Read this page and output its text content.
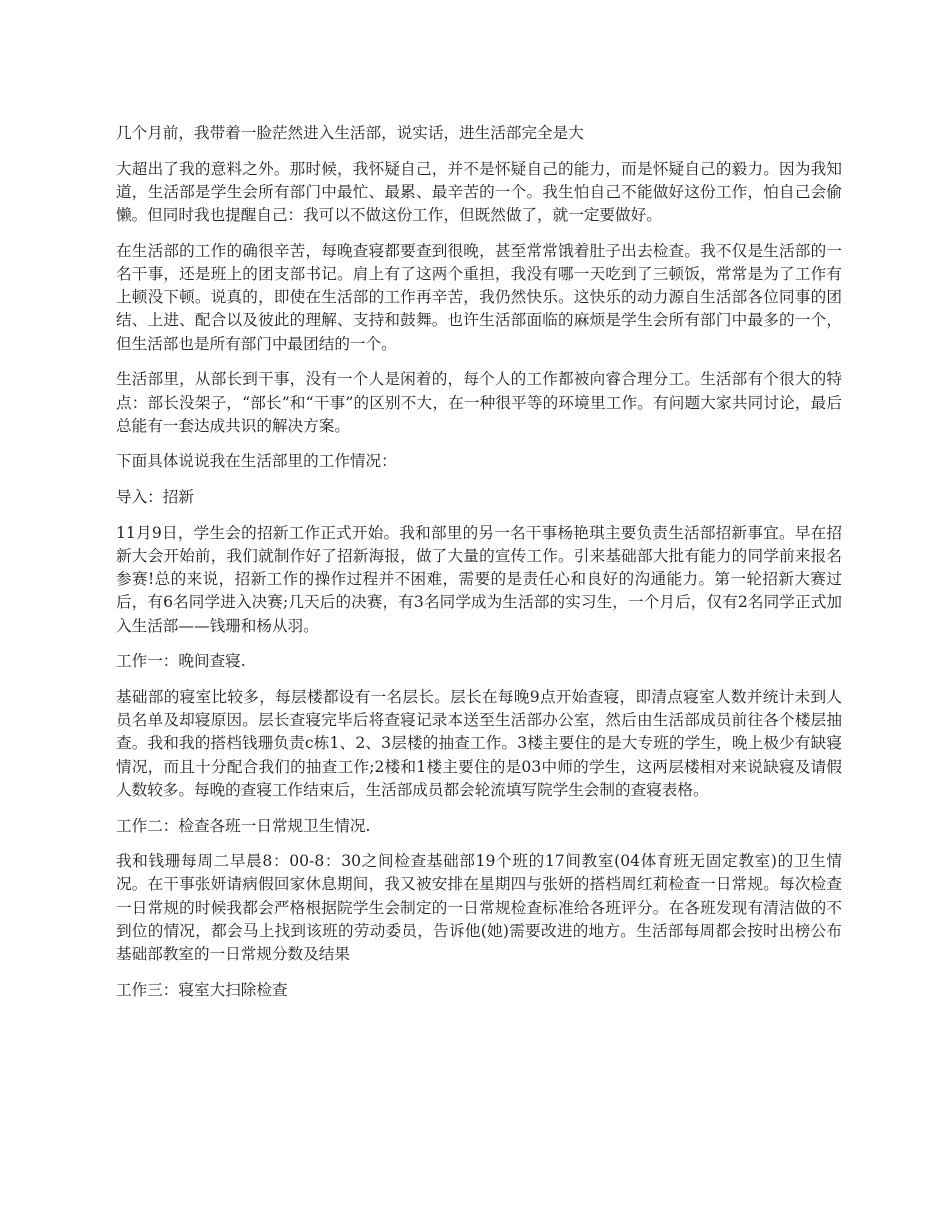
几个月前，我带着一脸茫然进入生活部，说实话，进生活部完全是大

大超出了我的意料之外。那时候，我怀疑自己，并不是怀疑自己的能力，而是怀疑自己的毅力。因为我知道，生活部是学生会所有部门中最忙、最累、最辛苦的一个。我生怕自己不能做好这份工作，怕自己会偷懒。但同时我也提醒自己：我可以不做这份工作，但既然做了，就一定要做好。

在生活部的工作的确很辛苦，每晚查寝都要查到很晚，甚至常常饿着肚子出去检查。我不仅是生活部的一名干事，还是班上的团支部书记。肩上有了这两个重担，我没有哪一天吃到了三顿饭，常常是为了工作有上顿没下顿。说真的，即使在生活部的工作再辛苦，我仍然快乐。这快乐的动力源自生活部各位同事的团结、上进、配合以及彼此的理解、支持和鼓舞。也许生活部面临的麻烦是学生会所有部门中最多的一个，但生活部也是所有部门中最团结的一个。

生活部里，从部长到干事，没有一个人是闲着的，每个人的工作都被向睿合理分工。生活部有个很大的特点：部长没架子，“部长”和“干事”的区别不大，在一种很平等的环境里工作。有问题大家共同讨论，最后总能有一套达成共识的解决方案。

下面具体说说我在生活部里的工作情况：

导入：招新

11月9日，学生会的招新工作正式开始。我和部里的另一名干事杨艳琪主要负责生活部招新事宜。早在招新大会开始前，我们就制作好了招新海报，做了大量的宣传工作。引来基础部大批有能力的同学前来报名参赛!总的来说，招新工作的操作过程并不困难，需要的是责任心和良好的沟通能力。第一轮招新大赛过后，有6名同学进入决赛;几天后的决赛，有3名同学成为生活部的实习生，一个月后，仅有2名同学正式加入生活部——钱珊和杨从羽。

工作一：晚间查寝.

基础部的寝室比较多，每层楼都设有一名层长。层长在每晚9点开始查寝，即清点寝室人数并统计未到人员名单及却寝原因。层长查寝完毕后将查寝记录本送至生活部办公室，然后由生活部成员前往各个楼层抽查。我和我的搭档钱珊负责c栋1、2、3层楼的抽查工作。3楼主要住的是大专班的学生，晚上极少有缺寝情况，而且十分配合我们的抽查工作;2楼和1楼主要住的是03中师的学生，这两层楼相对来说缺寝及请假人数较多。每晚的查寝工作结束后，生活部成员都会轮流填写院学生会制的查寝表格。

工作二：检查各班一日常规卫生情况.

我和钱珊每周二早晨8：00-8：30之间检查基础部19个班的17间教室(04体育班无固定教室)的卫生情况。在干事张妍请病假回家休息期间，我又被安排在星期四与张妍的搭档周红莉检查一日常规。每次检查一日常规的时候我都会严格根据院学生会制定的一日常规检查标准给各班评分。在各班发现有清洁做的不到位的情况，都会马上找到该班的劳动委员，告诉他(她)需要改进的地方。生活部每周都会按时出榜公布基础部教室的一日常规分数及结果

工作三：寝室大扫除检查
